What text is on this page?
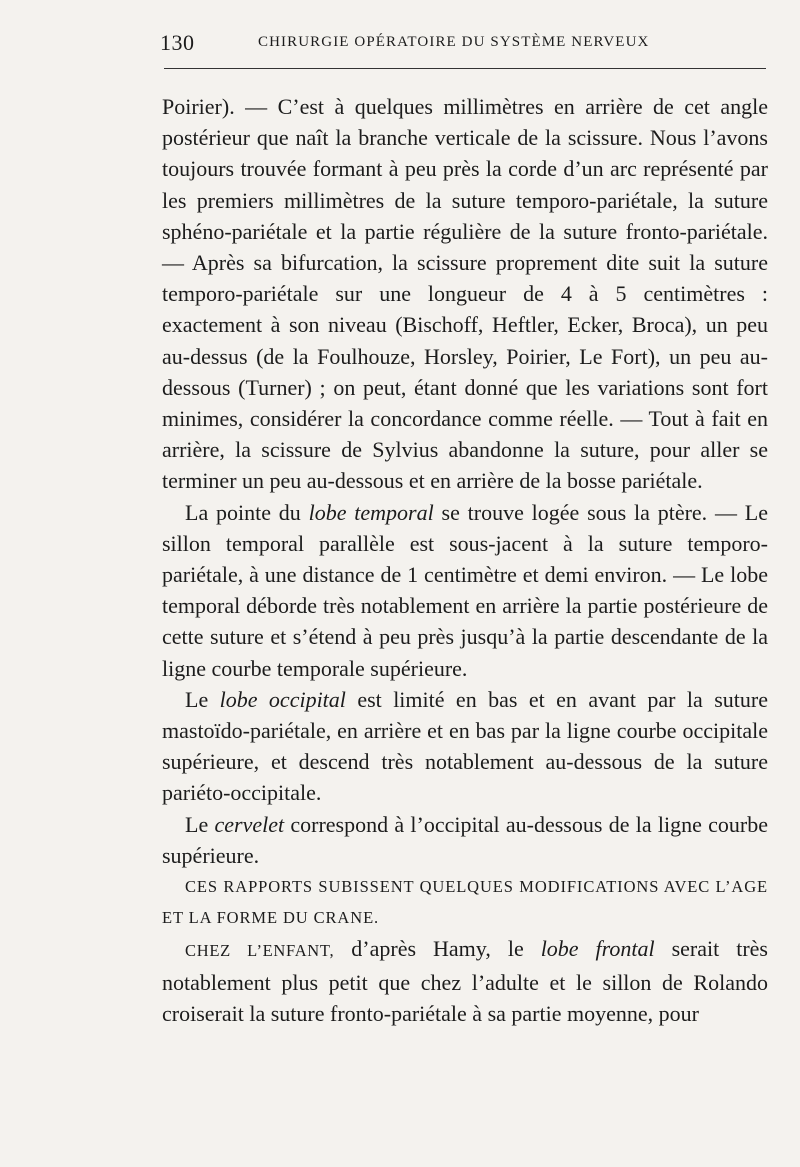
130	CHIRURGIE OPÉRATOIRE DU SYSTÈME NERVEUX

Poirier). — C’est à quelques millimètres en arrière de cet angle postérieur que naît la branche verticale de la scissure. Nous l’avons toujours trouvée formant à peu près la corde d’un arc représenté par les premiers millimètres de la suture temporo-pariétale, la suture sphéno-pariétale et la partie régulière de la suture fronto-pariétale. — Après sa bifurcation, la scissure proprement dite suit la suture temporo-pariétale sur une longueur de 4 à 5 centimètres : exactement à son niveau (Bischoff, Heftler, Ecker, Broca), un peu au-dessus (de la Foulhouze, Horsley, Poirier, Le Fort), un peu au-dessous (Turner) ; on peut, étant donné que les variations sont fort minimes, considérer la concordance comme réelle. — Tout à fait en arrière, la scissure de Sylvius abandonne la suture, pour aller se terminer un peu au-dessous et en arrière de la bosse pariétale.

La pointe du lobe temporal se trouve logée sous la ptère. — Le sillon temporal parallèle est sous-jacent à la suture temporo-pariétale, à une distance de 1 centimètre et demi environ. — Le lobe temporal déborde très notablement en arrière la partie postérieure de cette suture et s’étend à peu près jusqu’à la partie descendante de la ligne courbe temporale supérieure.

Le lobe occipital est limité en bas et en avant par la suture mastoïdo-pariétale, en arrière et en bas par la ligne courbe occipitale supérieure, et descend très notablement au-dessous de la suture pariéto-occipitale.

Le cervelet correspond à l’occipital au-dessous de la ligne courbe supérieure.

CES RAPPORTS SUBISSENT QUELQUES MODIFICATIONS AVEC L’AGE ET LA FORME DU CRANE.

CHEZ L’ENFANT, d’après Hamy, le lobe frontal serait très notablement plus petit que chez l’adulte et le sillon de Rolando croiserait la suture fronto-pariétale à sa partie moyenne, pour
